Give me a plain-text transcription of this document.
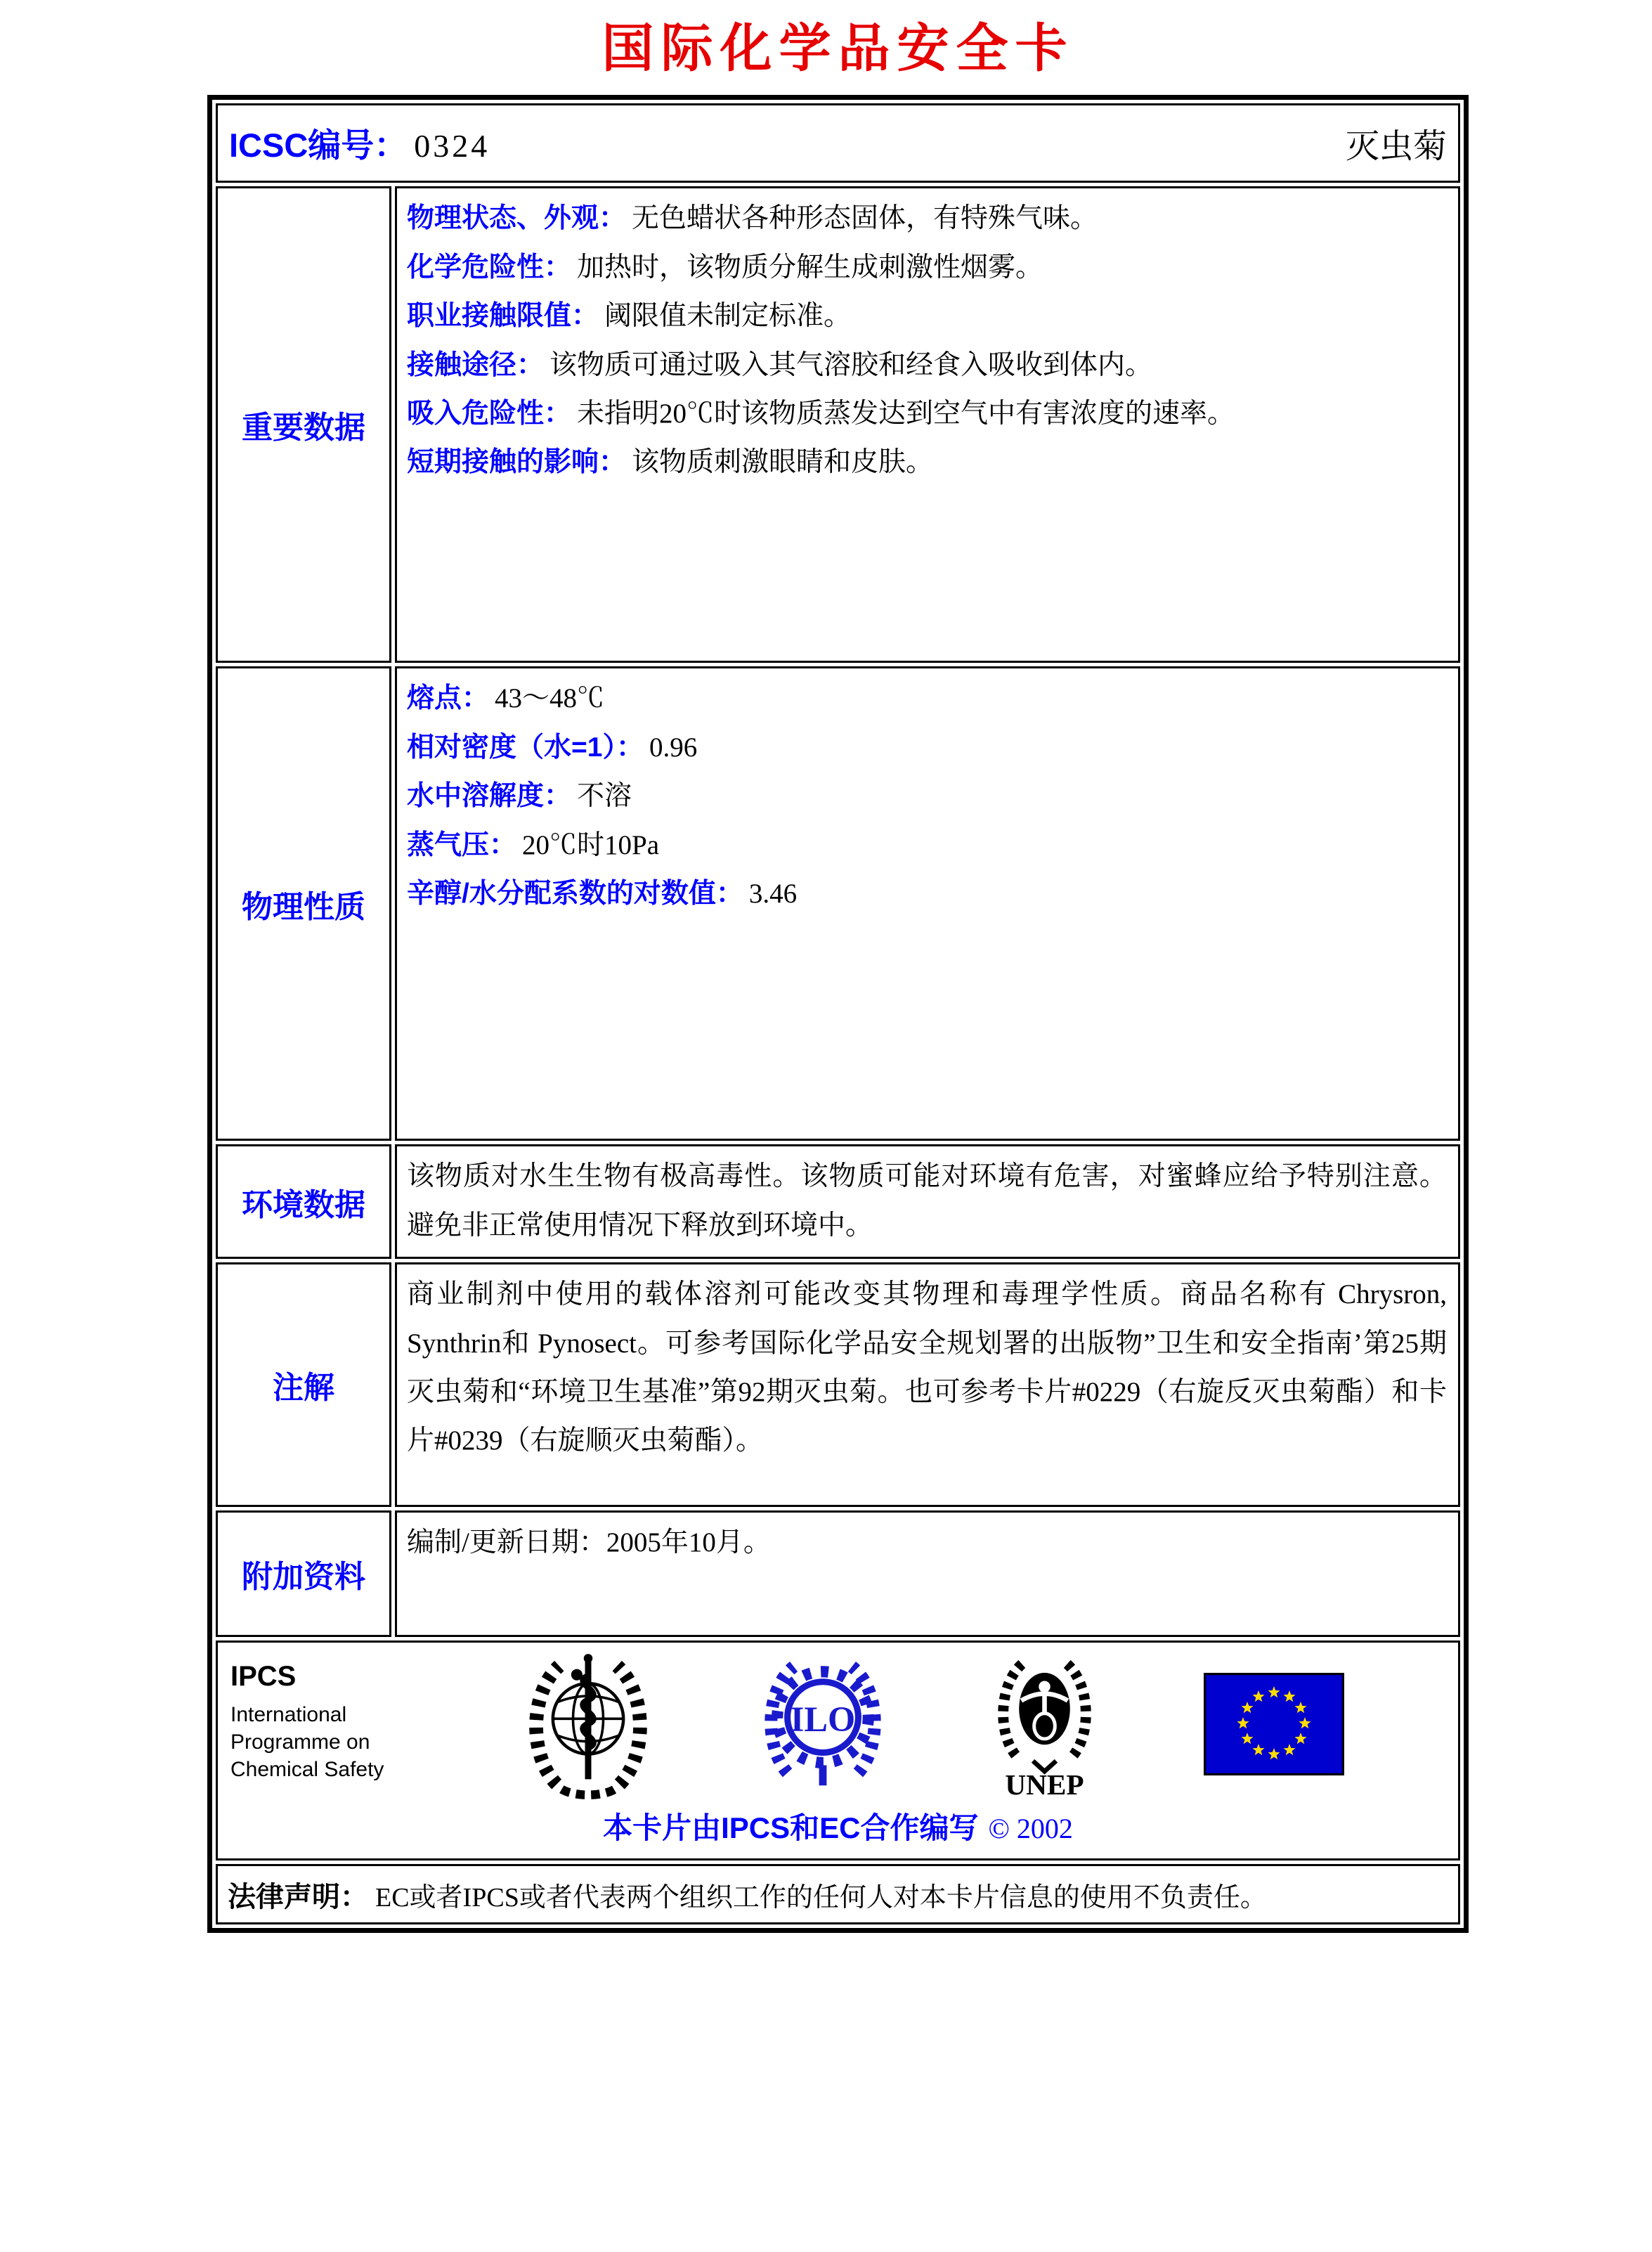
国际化学品安全卡
ICSC编号： 0324	灭虫菊
重要数据
物理状态、外观： 无色蜡状各种形态固体，有特殊气味。
化学危险性： 加热时，该物质分解生成刺激性烟雾。
职业接触限值： 阈限值未制定标准。
接触途径： 该物质可通过吸入其气溶胶和经食入吸收到体内。
吸入危险性： 未指明20℃时该物质蒸发达到空气中有害浓度的速率。
短期接触的影响： 该物质刺激眼睛和皮肤。
物理性质
熔点： 43～48℃
相对密度（水=1）： 0.96
水中溶解度： 不溶
蒸气压： 20℃时10Pa
辛醇/水分配系数的对数值： 3.46
环境数据
该物质对水生生物有极高毒性。该物质可能对环境有危害，对蜜蜂应给予特别注意。避免非正常使用情况下释放到环境中。
注解
商业制剂中使用的载体溶剂可能改变其物理和毒理学性质。商品名称有 Chrysron, Synthrin和 Pynosect。可参考国际化学品安全规划署的出版物”卫生和安全指南’第25期灭虫菊和“环境卫生基准”第92期灭虫菊。也可参考卡片#0229（右旋反灭虫菊酯）和卡片#0239（右旋顺灭虫菊酯）。
附加资料
编制/更新日期：2005年10月。
IPCS
International
Programme on
Chemical Safety
ILO
UNEP
本卡片由IPCS和EC合作编写 © 2002
法律声明： EC或者IPCS或者代表两个组织工作的任何人对本卡片信息的使用不负责任。
